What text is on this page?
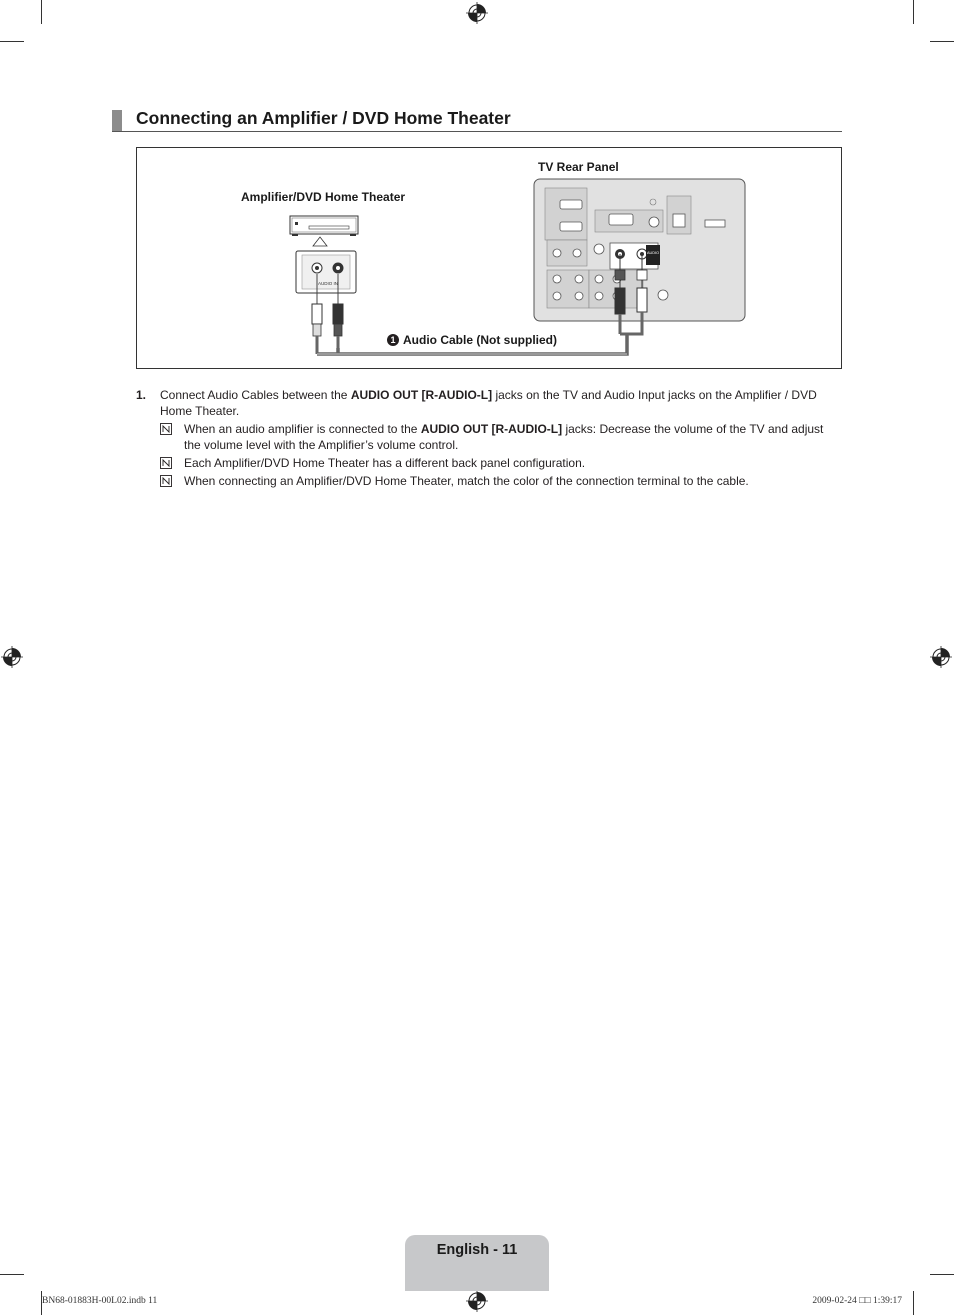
Connecting an Amplifier / DVD Home Theater
TV Rear Panel
Amplifier/DVD Home Theater
AUDIO IN
AUDIO
1 Audio Cable (Not supplied)
1.	Connect Audio Cables between the AUDIO OUT [R-AUDIO-L] jacks on the TV and Audio Input jacks on the Amplifier / DVD Home Theater.
When an audio amplifier is connected to the AUDIO OUT [R-AUDIO-L] jacks: Decrease the volume of the TV and adjust the volume level with the Amplifier’s volume control.
Each Amplifier/DVD Home Theater has a different back panel configuration.
When connecting an Amplifier/DVD Home Theater, match the color of the connection terminal to the cable.
English - 11
BN68-01883H-00L02.indb 11	2009-02-24 □□ 1:39:17
